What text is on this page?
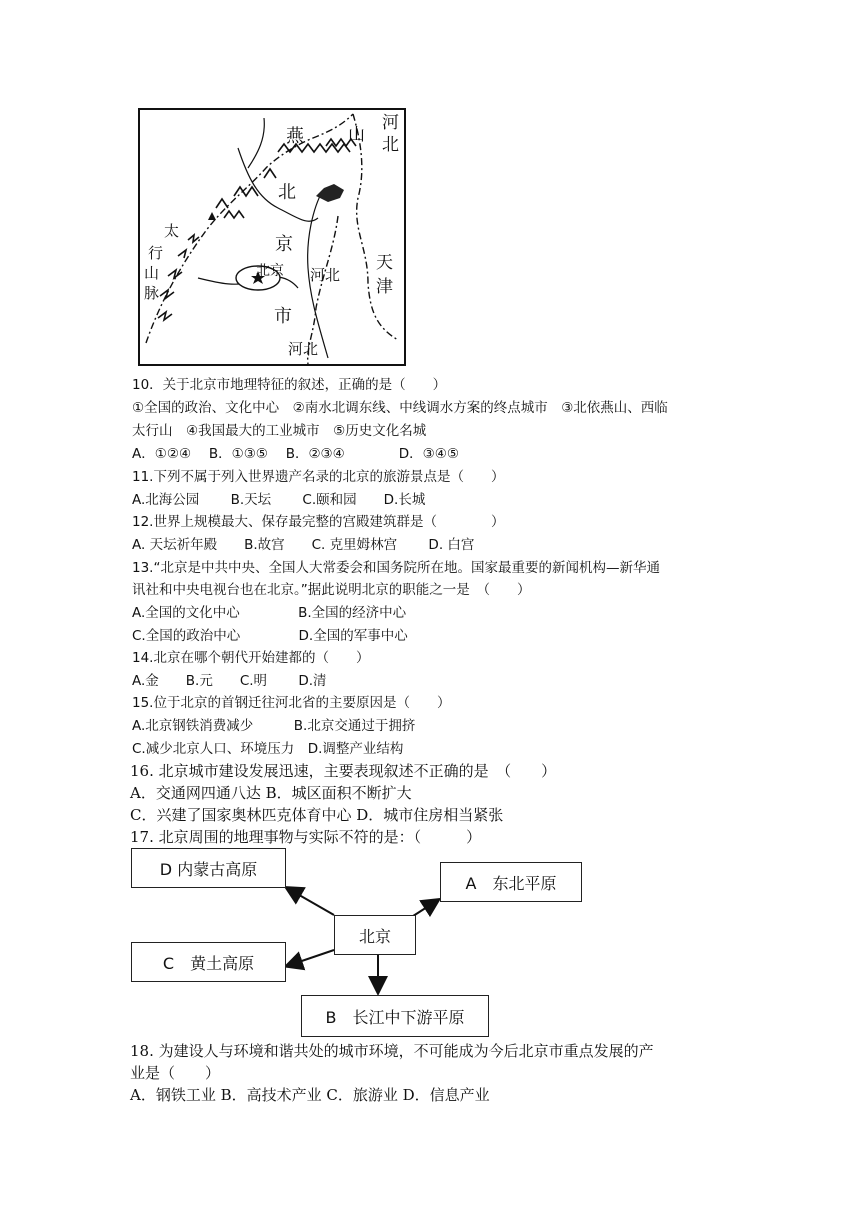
燕	山
河
北
北
京
市
北京 河北
河北
天
津
太
行
山
脉
10．关于北京市地理特征的叙述，正确的是（　　）
①全国的政治、文化中心　②南水北调东线、中线调水方案的终点城市　③北依燕山、西临
太行山　④我国最大的工业城市　⑤历史文化名城
A．①②④　 B．①③⑤　 B．②③④　　　　D．③④⑤
11.下列不属于列入世界遗产名录的北京的旅游景点是（　　）
A.北海公园　　 B.天坛　　 C.颐和园　　D.长城
12.世界上规模最大、保存最完整的宫殿建筑群是（　　　　）
A. 天坛祈年殿　　B.故宫　　C. 克里姆林宫　　 D. 白宫
13.“北京是中共中央、全国人大常委会和国务院所在地。国家最重要的新闻机构—新华通
讯社和中央电视台也在北京。”据此说明北京的职能之一是　（　　）
A.全国的文化中心　　　　 B.全国的经济中心
C.全国的政治中心　　　　 D.全国的军事中心
14.北京在哪个朝代开始建都的（　　）
A.金　　B.元　　C.明　　 D.清
15.位于北京的首钢迁往河北省的主要原因是（　　）
A.北京钢铁消费减少　　　B.北京交通过于拥挤
C.减少北京人口、环境压力　D.调整产业结构
16. 北京城市建设发展迅速，主要表现叙述不正确的是　（　　）
A．交通网四通八达 B．城区面积不断扩大
C．兴建了国家奥林匹克体育中心 D．城市住房相当紧张
17. 北京周围的地理事物与实际不符的是：（　　　）
D 内蒙古高原
A　东北平原
北京
C　黄土高原
B　长江中下游平原
18. 为建设人与环境和谐共处的城市环境，不可能成为今后北京市重点发展的产
业是（　　）
A．钢铁工业 B．高技术产业 C．旅游业 D．信息产业
